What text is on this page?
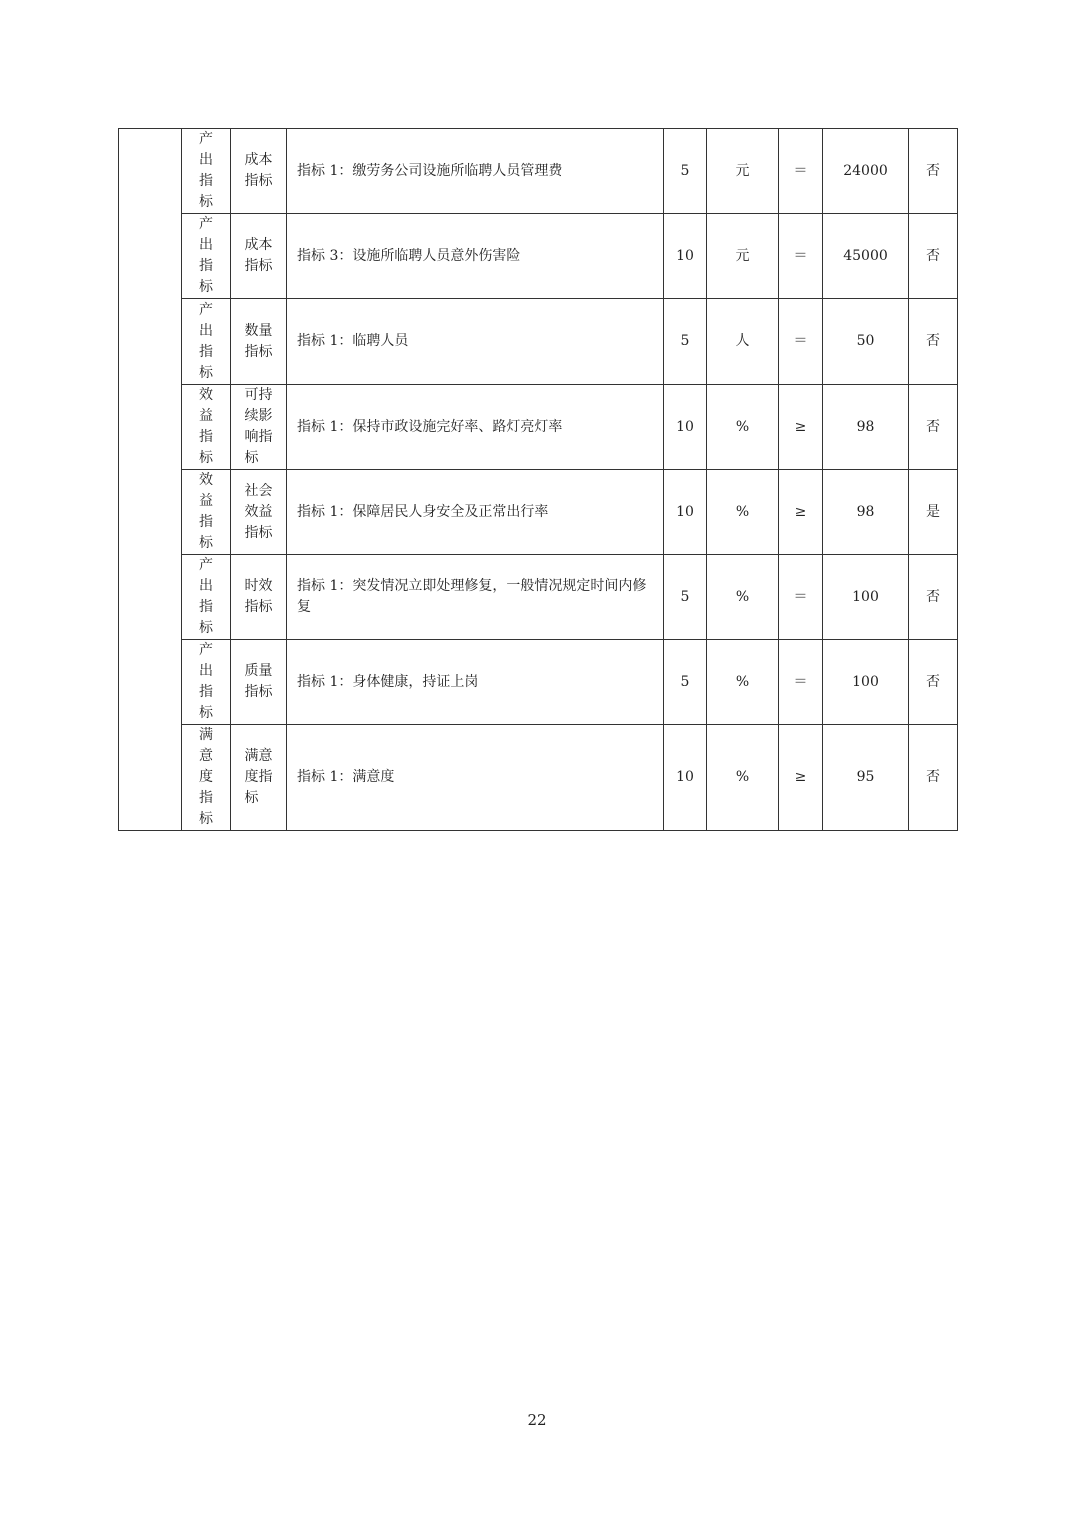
	产出指标	成本指标	指标 1：缴劳务公司设施所临聘人员管理费	5	元	＝	24000	否

	产出指标	成本指标	指标 3：设施所临聘人员意外伤害险	10	元	＝	45000	否

	产出指标	数量指标	指标 1：临聘人员	5	人	＝	50	否

	效益指标	可持续影响指标	指标 1：保持市政设施完好率、路灯亮灯率	10	%	≥	98	否

	效益指标	社会效益指标	指标 1：保障居民人身安全及正常出行率	10	%	≥	98	是

	产出指标	时效指标	指标 1：突发情况立即处理修复，一般情况规定时间内修复	5	%	＝	100	否

	产出指标	质量指标	指标 1：身体健康，持证上岗	5	%	＝	100	否

	满意度指标	满意度指标	指标 1：满意度	10	%	≥	95	否
22
